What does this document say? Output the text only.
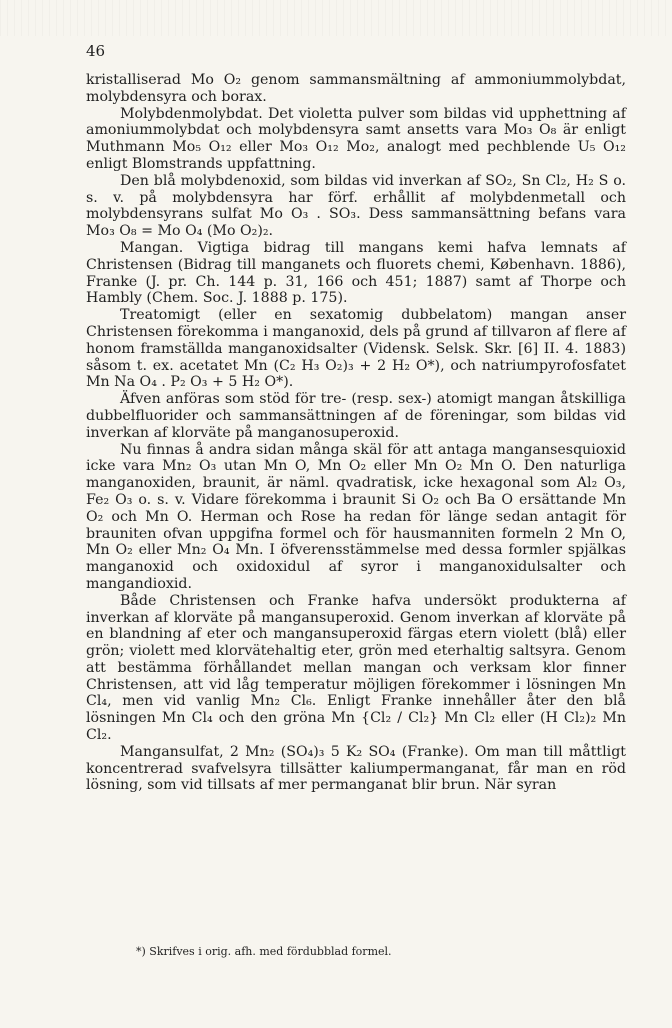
46

kristalliserad Mo O₂ genom sammansmältning af ammoniummolybdat, molybdensyra och borax.

Molybdenmolybdat. Det violetta pulver som bildas vid upphettning af amoniummolybdat och molybdensyra samt ansetts vara Mo₃ O₈ är enligt Muthmann Mo₅ O₁₂ eller Mo₃ O₁₂ Mo₂, analogt med pechblende U₅ O₁₂ enligt Blomstrands uppfattning.

Den blå molybdenoxid, som bildas vid inverkan af SO₂, Sn Cl₂, H₂ S o. s. v. på molybdensyra har förf. erhållit af molybdenmetall och molybdensyrans sulfat Mo O₃ . SO₃. Dess sammansättning befans vara Mo₃ O₈ = Mo O₄ (Mo O₂)₂.

Mangan. Vigtiga bidrag till mangans kemi hafva lemnats af Christensen (Bidrag till manganets och fluorets chemi, København. 1886), Franke (J. pr. Ch. 144 p. 31, 166 och 451; 1887) samt af Thorpe och Hambly (Chem. Soc. J. 1888 p. 175).

Treatomigt (eller en sexatomig dubbelatom) mangan anser Christensen förekomma i manganoxid, dels på grund af tillvaron af flere af honom framställda manganoxidsalter (Vidensk. Selsk. Skr. [6] II. 4. 1883) såsom t. ex. acetatet Mn (C₂ H₃ O₂)₃ + 2 H₂ O*), och natriumpyrofosfatet Mn Na O₄ . P₂ O₃ + 5 H₂ O*).

Äfven anföras som stöd för tre- (resp. sex-) atomigt mangan åtskilliga dubbelfluorider och sammansättningen af de föreningar, som bildas vid inverkan af klorväte på manganosuperoxid.

Nu finnas å andra sidan många skäl för att antaga mangansesquioxid icke vara Mn₂ O₃ utan Mn O, Mn O₂ eller Mn O₂ Mn O. Den naturliga manganoxiden, braunit, är näml. qvadratisk, icke hexagonal som Al₂ O₃, Fe₂ O₃ o. s. v. Vidare förekomma i braunit Si O₂ och Ba O ersättande Mn O₂ och Mn O. Herman och Rose ha redan för länge sedan antagit för brauniten ofvan uppgifna formel och för hausmanniten formeln 2 Mn O, Mn O₂ eller Mn₂ O₄ Mn. I öfverensstämmelse med dessa formler spjälkas manganoxid och oxidoxidul af syror i manganoxidulsalter och mangandioxid.

Både Christensen och Franke hafva undersökt produkterna af inverkan af klorväte på mangansuperoxid. Genom inverkan af klorväte på en blandning af eter och mangansuperoxid färgas etern violett (blå) eller grön; violett med klorvätehaltig eter, grön med eterhaltig saltsyra. Genom att bestämma förhållandet mellan mangan och verksam klor finner Christensen, att vid låg temperatur möjligen förekommer i lösningen Mn Cl₄, men vid vanlig Mn₂ Cl₆. Enligt Franke innehåller åter den blå lösningen Mn Cl₄ och den gröna Mn {Cl₂ / Cl₂} Mn Cl₂ eller (H Cl₂)₂ Mn Cl₂.

Mangansulfat, 2 Mn₂ (SO₄)₃ 5 K₂ SO₄ (Franke). Om man till måttligt koncentrerad svafvelsyra tillsätter kaliumpermanganat, får man en röd lösning, som vid tillsats af mer permanganat blir brun. När syran

*) Skrifves i orig. afh. med fördubblad formel.
